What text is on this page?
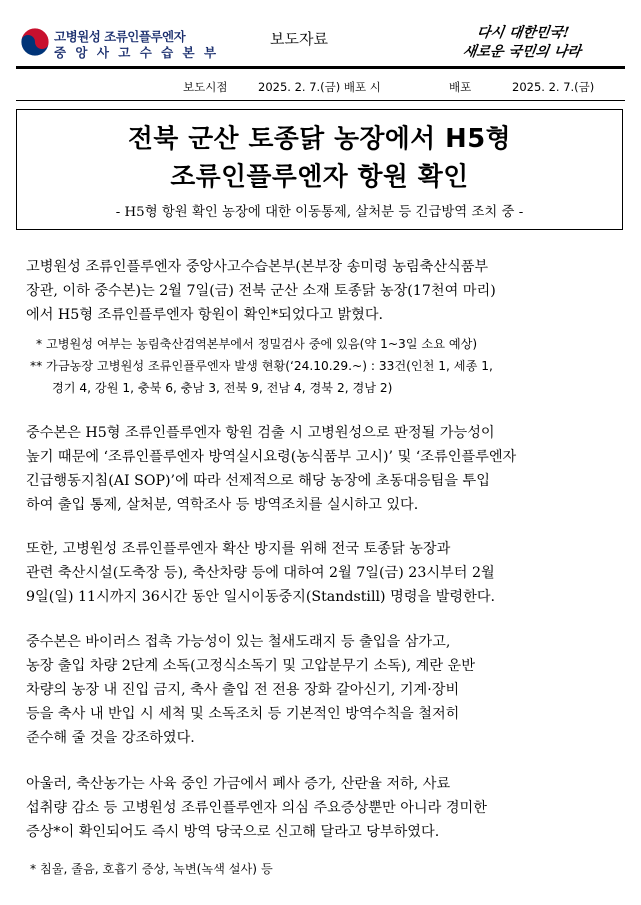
고병원성 조류인플루엔자
중 앙 사 고 수 습 본 부
보도자료	다시 대한민국!
새로운 국민의 나라
보도시점	2025. 2. 7.(금) 배포 시	배포	2025. 2. 7.(금)
전북 군산 토종닭 농장에서 H5형
조류인플루엔자 항원 확인
- H5형 항원 확인 농장에 대한 이동통제, 살처분 등 긴급방역 조치 중 -
고병원성 조류인플루엔자 중앙사고수습본부(본부장 송미령 농림축산식품부
장관, 이하 중수본)는 2월 7일(금) 전북 군산 소재 토종닭 농장(17천여 마리)
에서 H5형 조류인플루엔자 항원이 확인*되었다고 밝혔다.
* 고병원성 여부는 농림축산검역본부에서 정밀검사 중에 있음(약 1~3일 소요 예상)
** 가금농장 고병원성 조류인플루엔자 발생 현황(‘24.10.29.~) : 33건(인천 1, 세종 1,
경기 4, 강원 1, 충북 6, 충남 3, 전북 9, 전남 4, 경북 2, 경남 2)
중수본은 H5형 조류인플루엔자 항원 검출 시 고병원성으로 판정될 가능성이
높기 때문에 ‘조류인플루엔자 방역실시요령(농식품부 고시)’ 및 ‘조류인플루엔자
긴급행동지침(AI SOP)’에 따라 선제적으로 해당 농장에 초동대응팀을 투입
하여 출입 통제, 살처분, 역학조사 등 방역조치를 실시하고 있다.
또한, 고병원성 조류인플루엔자 확산 방지를 위해 전국 토종닭 농장과
관련 축산시설(도축장 등), 축산차량 등에 대하여 2월 7일(금) 23시부터 2월
9일(일) 11시까지 36시간 동안 일시이동중지(Standstill) 명령을 발령한다.
중수본은 바이러스 접촉 가능성이 있는 철새도래지 등 출입을 삼가고,
농장 출입 차량 2단계 소독(고정식소독기 및 고압분무기 소독), 계란 운반
차량의 농장 내 진입 금지, 축사 출입 전 전용 장화 갈아신기, 기계·장비
등을 축사 내 반입 시 세척 및 소독조치 등 기본적인 방역수칙을 철저히
준수해 줄 것을 강조하였다.
아울러, 축산농가는 사육 중인 가금에서 폐사 증가, 산란율 저하, 사료
섭취량 감소 등 고병원성 조류인플루엔자 의심 주요증상뿐만 아니라 경미한
증상*이 확인되어도 즉시 방역 당국으로 신고해 달라고 당부하였다.
* 침울, 졸음, 호흡기 증상, 녹변(녹색 설사) 등
